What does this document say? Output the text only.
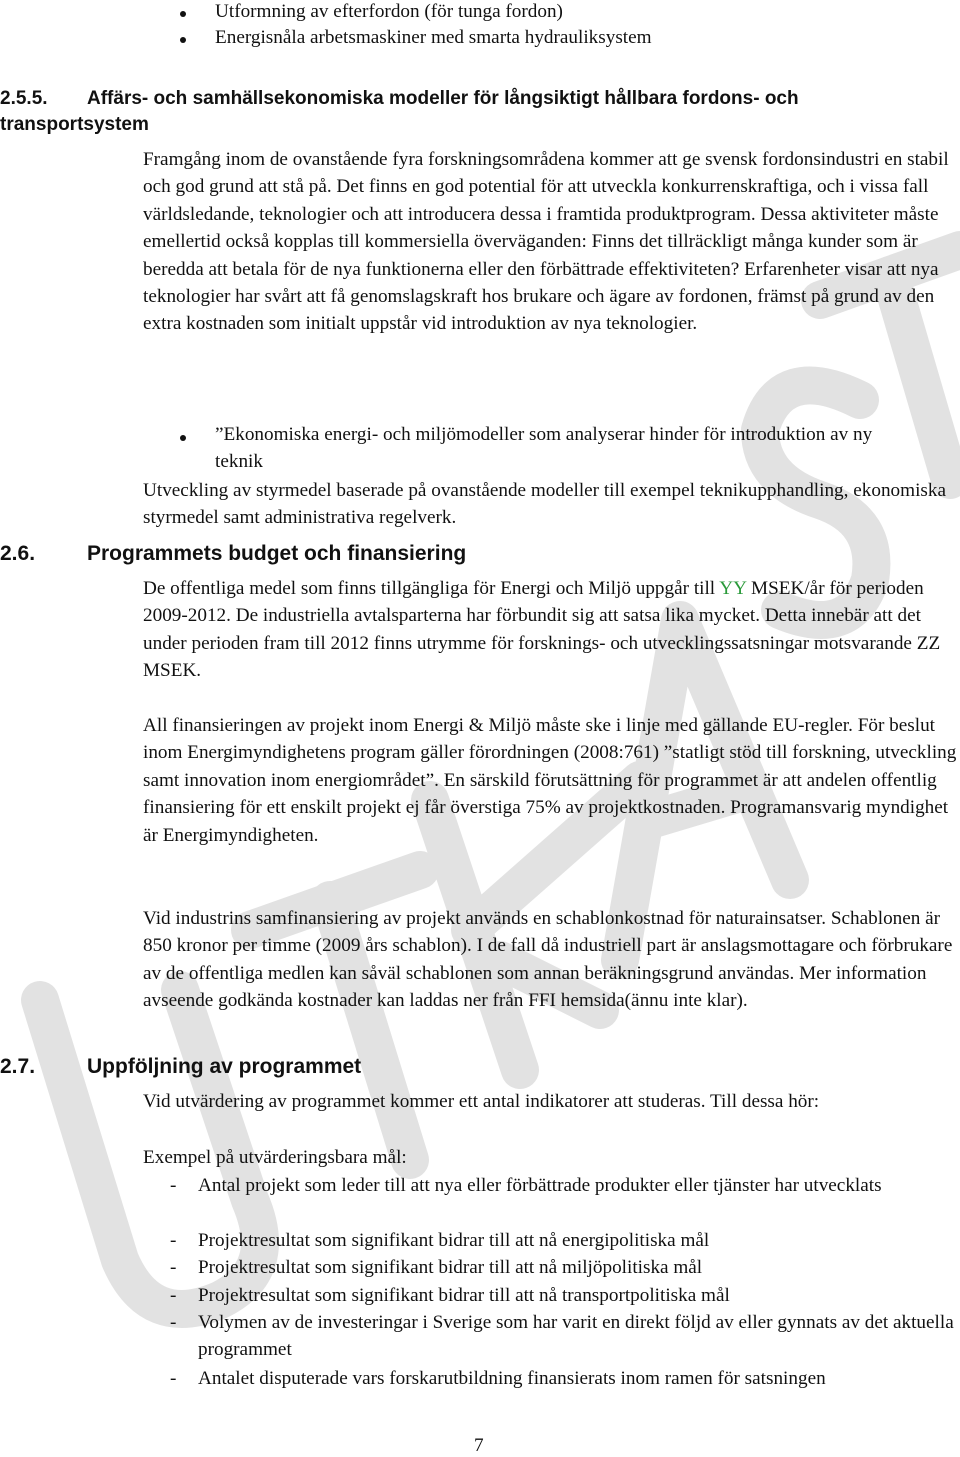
Utformning av efterfordon (för tunga fordon)
Energisnåla arbetsmaskiner med smarta hydrauliksystem
2.5.5. Affärs- och samhällsekonomiska modeller för långsiktigt hållbara fordons- och
transportsystem

Framgång inom de ovanstående fyra forskningsområdena kommer att ge svensk fordonsindustri en stabil och god grund att stå på. Det finns en god potential för att utveckla konkurrenskraftiga, och i vissa fall världsledande, teknologier och att introducera dessa i framtida produktprogram. Dessa aktiviteter måste emellertid också kopplas till kommersiella överväganden: Finns det tillräckligt många kunder som är beredda att betala för de nya funktionerna eller den förbättrade effektiviteten? Erfarenheter visar att nya teknologier har svårt att få genomslagskraft hos brukare och ägare av fordonen, främst på grund av den extra kostnaden som initialt uppstår vid introduktion av nya teknologier.

”Ekonomiska energi- och miljömodeller som analyserar hinder för introduktion av ny teknik

Utveckling av styrmedel baserade på ovanstående modeller till exempel teknikupphandling, ekonomiska styrmedel samt administrativa regelverk.

2.6. Programmets budget och finansiering

De offentliga medel som finns tillgängliga för Energi och Miljö uppgår till YY MSEK/år för perioden 2009-2012. De industriella avtalsparterna har förbundit sig att satsa lika mycket. Detta innebär att det under perioden fram till 2012 finns utrymme för forsknings- och utvecklingssatsningar motsvarande ZZ MSEK.

All finansieringen av projekt inom Energi & Miljö måste ske i linje med gällande EU-regler. För beslut inom Energimyndighetens program gäller förordningen (2008:761) ”statligt stöd till forskning, utveckling samt innovation inom energiområdet”. En särskild förutsättning för programmet är att andelen offentlig finansiering för ett enskilt projekt ej får överstiga 75% av projektkostnaden. Programansvarig myndighet är Energimyndigheten.

Vid industrins samfinansiering av projekt används en schablonkostnad för naturainsatser. Schablonen är 850 kronor per timme (2009 års schablon). I de fall då industriell part är anslagsmottagare och förbrukare av de offentliga medlen kan såväl schablonen som annan beräkningsgrund användas. Mer information avseende godkända kostnader kan laddas ner från FFI hemsida(ännu inte klar).

2.7. Uppföljning av programmet

Vid utvärdering av programmet kommer ett antal indikatorer att studeras. Till dessa hör:

Exempel på utvärderingsbara mål:

- Antal projekt som leder till att nya eller förbättrade produkter eller tjänster har utvecklats

- Projektresultat som signifikant bidrar till att nå energipolitiska mål

- Projektresultat som signifikant bidrar till att nå miljöpolitiska mål

- Projektresultat som signifikant bidrar till att nå transportpolitiska mål

- Volymen av de investeringar i Sverige som har varit en direkt följd av eller gynnats av det aktuella programmet

- Antalet disputerade vars forskarutbildning finansierats inom ramen för satsningen

7
